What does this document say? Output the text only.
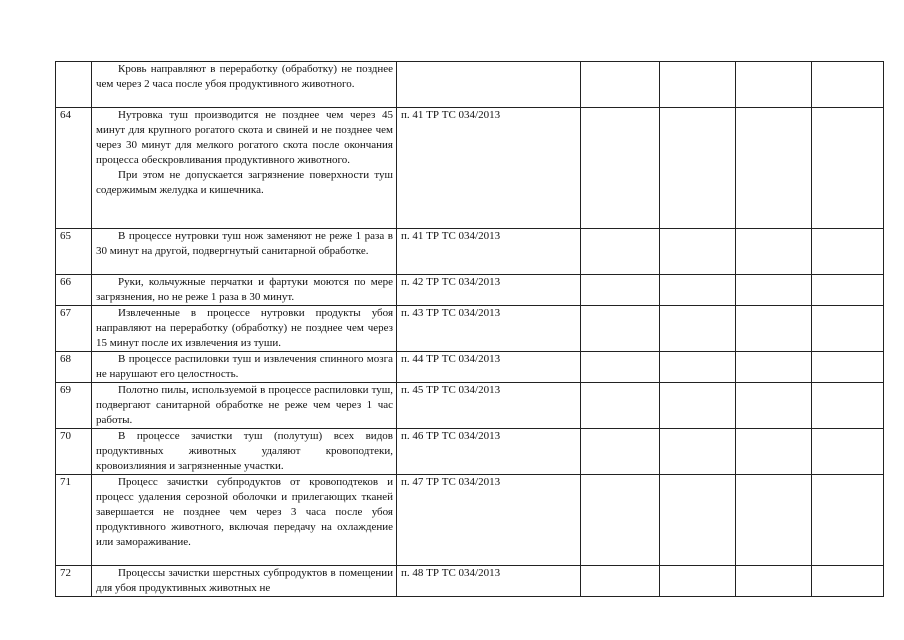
	Кровь направляют в переработку (обработку) не позднее чем через 2 часа после убоя продуктивного животного.					

64	Нутровка туш производится не позднее чем через 45 минут для крупного рогатого скота и свиней и не позднее чем через 30 минут для мелкого рогатого скота после окончания процесса обескровливания продуктивного животного.

При этом не допускается загрязнение поверхности туш содержимым желудка и кишечника.	п. 41 ТР ТС 034/2013				
65	В процессе нутровки туш нож заменяют не реже 1 раза в 30 минут на другой, подвергнутый санитарной обработке.	п. 41 ТР ТС 034/2013				
66	Руки, кольчужные перчатки и фартуки моются по мере загрязнения, но не реже 1 раза в 30 минут.	п. 42 ТР ТС 034/2013				
67	Извлеченные в процессе нутровки продукты убоя направляют на переработку (обработку) не позднее чем через 15 минут после их извлечения из туши.	п. 43 ТР ТС 034/2013				
68	В процессе распиловки туш и извлечения спинного мозга не нарушают его целостность.	п. 44 ТР ТС 034/2013				
69	Полотно пилы, используемой в процессе распиловки туш, подвергают санитарной обработке не реже чем через 1 час работы.	п. 45 ТР ТС 034/2013				
70	В процессе зачистки туш (полутуш) всех видов продуктивных животных удаляют кровоподтеки, кровоизлияния и загрязненные участки.	п. 46 ТР ТС 034/2013				
71	Процесс зачистки субпродуктов от кровоподтеков и процесс удаления серозной оболочки и прилегающих тканей завершается не позднее чем через 3 часа после убоя продуктивного животного, включая передачу на охлаждение или замораживание.	п. 47 ТР ТС 034/2013				
72	Процессы зачистки шерстных субпродуктов в помещении для убоя продуктивных животных не	п. 48 ТР ТС 034/2013				
